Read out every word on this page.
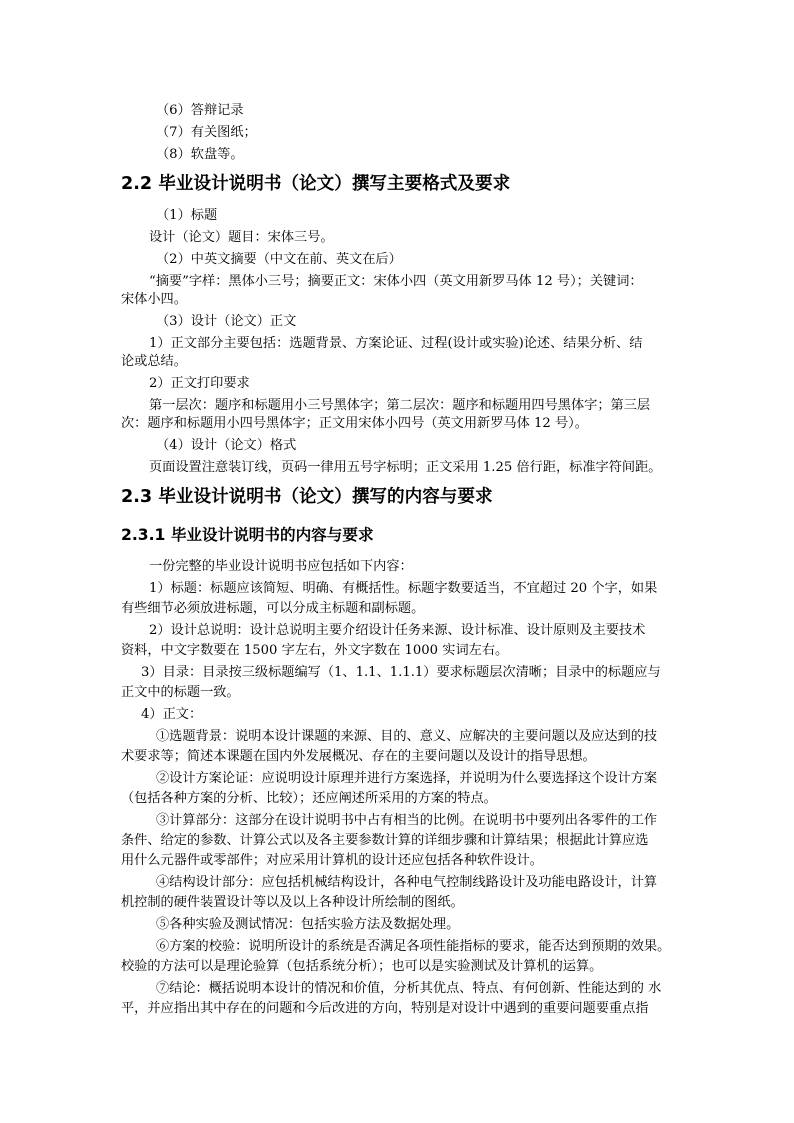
（6）答辩记录
（7）有关图纸；
（8）软盘等。
2.2 毕业设计说明书（论文）撰写主要格式及要求
（1）标题
设计（论文）题目：宋体三号。
（2）中英文摘要（中文在前、英文在后）
“摘要”字样：黑体小三号；摘要正文：宋体小四（英文用新罗马体 12 号）；关键词：
宋体小四。
（3）设计（论文）正文
1）正文部分主要包括：选题背景、方案论证、过程(设计或实验)论述、结果分析、结
论或总结。
2）正文打印要求
第一层次：题序和标题用小三号黑体字；第二层次：题序和标题用四号黑体字；第三层
次：题序和标题用小四号黑体字；正文用宋体小四号（英文用新罗马体 12 号）。
（4）设计（论文）格式
页面设置注意装订线，页码一律用五号字标明；正文采用 1.25 倍行距，标准字符间距。
2.3 毕业设计说明书（论文）撰写的内容与要求
2.3.1 毕业设计说明书的内容与要求
一份完整的毕业设计说明书应包括如下内容：
1）标题：标题应该简短、明确、有概括性。标题字数要适当，不宜超过 20 个字，如果
有些细节必须放进标题，可以分成主标题和副标题。
2）设计总说明：设计总说明主要介绍设计任务来源、设计标准、设计原则及主要技术
资料，中文字数要在 1500 字左右，外文字数在 1000 实词左右。
3）目录：目录按三级标题编写（1、1.1、1.1.1）要求标题层次清晰；目录中的标题应与
正文中的标题一致。
4）正文：
①选题背景：说明本设计课题的来源、目的、意义、应解决的主要问题以及应达到的技
术要求等；简述本课题在国内外发展概况、存在的主要问题以及设计的指导思想。
②设计方案论证：应说明设计原理并进行方案选择，并说明为什么要选择这个设计方案
（包括各种方案的分析、比较）；还应阐述所采用的方案的特点。
③计算部分：这部分在设计说明书中占有相当的比例。在说明书中要列出各零件的工作
条件、给定的参数、计算公式以及各主要参数计算的详细步骤和计算结果；根据此计算应选
用什么元器件或零部件；对应采用计算机的设计还应包括各种软件设计。
④结构设计部分：应包括机械结构设计，各种电气控制线路设计及功能电路设计，计算
机控制的硬件装置设计等以及以上各种设计所绘制的图纸。
⑤各种实验及测试情况：包括实验方法及数据处理。
⑥方案的校验：说明所设计的系统是否满足各项性能指标的要求，能否达到预期的效果。
校验的方法可以是理论验算（包括系统分析）；也可以是实验测试及计算机的运算。
⑦结论：概括说明本设计的情况和价值，分析其优点、特点、有何创新、性能达到的 水
平，并应指出其中存在的问题和今后改进的方向，特别是对设计中遇到的重要问题要重点指
